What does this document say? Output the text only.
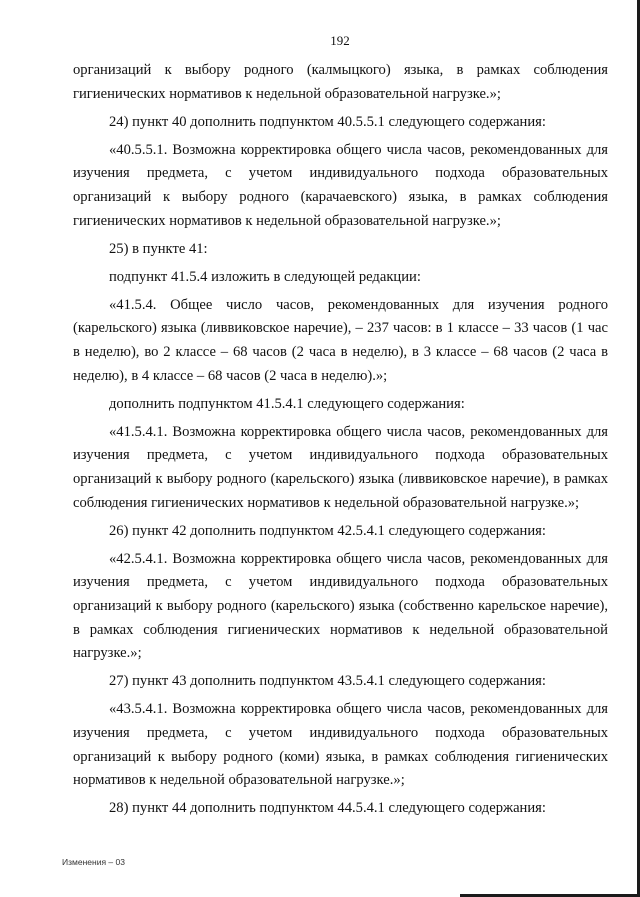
192

организаций к выбору родного (калмыцкого) языка, в рамках соблюдения гигиенических нормативов к недельной образовательной нагрузке.»;

24) пункт 40 дополнить подпунктом 40.5.5.1 следующего содержания:

«40.5.5.1. Возможна корректировка общего числа часов, рекомендованных для изучения предмета, с учетом индивидуального подхода образовательных организаций к выбору родного (карачаевского) языка, в рамках соблюдения гигиенических нормативов к недельной образовательной нагрузке.»;

25) в пункте 41:

подпункт 41.5.4 изложить в следующей редакции:

«41.5.4. Общее число часов, рекомендованных для изучения родного (карельского) языка (ливвиковское наречие), – 237 часов: в 1 классе – 33 часов (1 час в неделю), во 2 классе – 68 часов (2 часа в неделю), в 3 классе – 68 часов (2 часа в неделю), в 4 классе – 68 часов (2 часа в неделю).»;

дополнить подпунктом 41.5.4.1 следующего содержания:

«41.5.4.1. Возможна корректировка общего числа часов, рекомендованных для изучения предмета, с учетом индивидуального подхода образовательных организаций к выбору родного (карельского) языка (ливвиковское наречие), в рамках соблюдения гигиенических нормативов к недельной образовательной нагрузке.»;

26) пункт 42 дополнить подпунктом 42.5.4.1 следующего содержания:

«42.5.4.1. Возможна корректировка общего числа часов, рекомендованных для изучения предмета, с учетом индивидуального подхода образовательных организаций к выбору родного (карельского) языка (собственно карельское наречие), в рамках соблюдения гигиенических нормативов к недельной образовательной нагрузке.»;

27) пункт 43 дополнить подпунктом 43.5.4.1 следующего содержания:

«43.5.4.1. Возможна корректировка общего числа часов, рекомендованных для изучения предмета, с учетом индивидуального подхода образовательных организаций к выбору родного (коми) языка, в рамках соблюдения гигиенических нормативов к недельной образовательной нагрузке.»;

28) пункт 44 дополнить подпунктом 44.5.4.1 следующего содержания:

Изменения – 03
